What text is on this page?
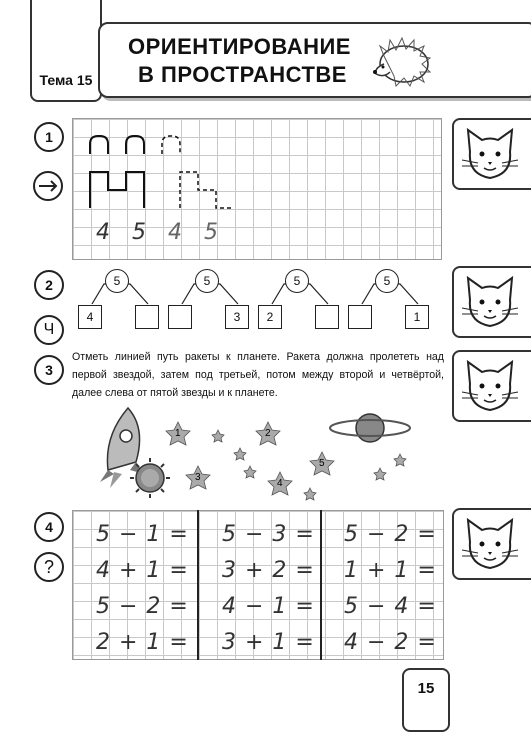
Тема 15
ОРИЕНТИРОВАНИЕ
В ПРОСТРАНСТВЕ
1
4 5 4 5
2
Ч
5
4
5
3
5
2
5
1
3
Отметь линией путь ракеты к планете. Ракета должна пролететь над первой звездой, затем под третьей, потом между второй и четвёртой, далее слева от пятой звезды и к планете.
1	2
3
4
5
4
?
5 − 1 =
4 + 1 =
5 − 2 =
2 + 1 =
5 − 3 =
3 + 2 =
4 − 1 =
3 + 1 =
5 − 2 =
1 + 1 =
5 − 4 =
4 − 2 =
15
